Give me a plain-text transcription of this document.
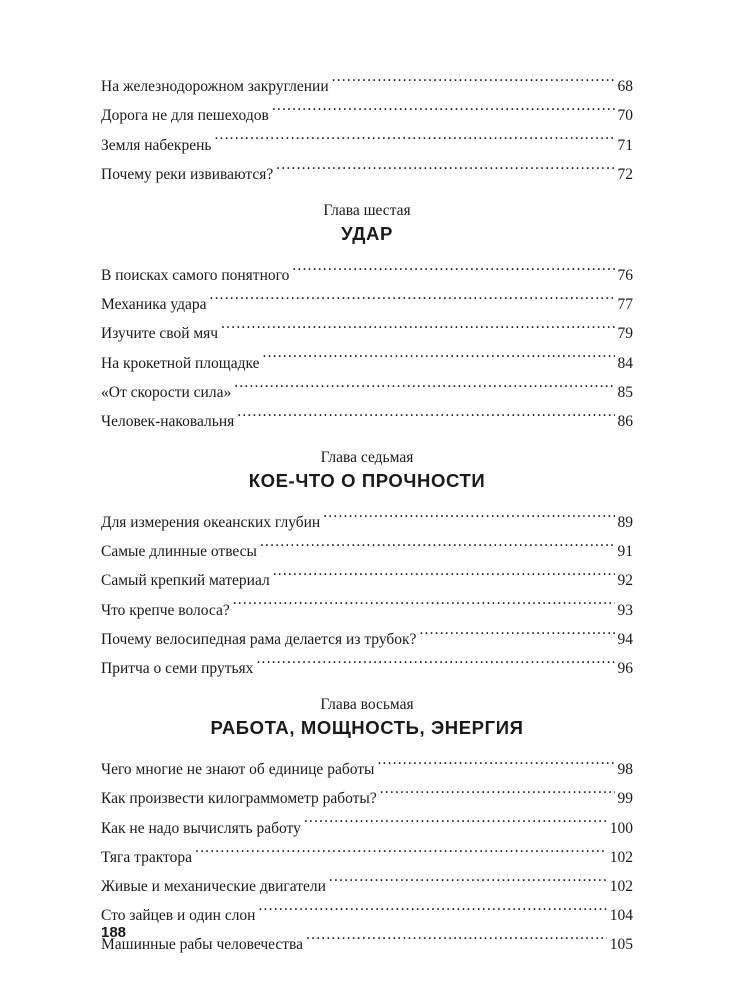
На железнодорожном закруглении .....	68
Дорога не для пешеходов .....	70
Земля набекрень .....	71
Почему реки извиваются? .....	72
Глава шестая
УДАР
В поисках самого понятного .....	76
Механика удара .....	77
Изучите свой мяч .....	79
На крокетной площадке .....	84
«От скорости сила» .....	85
Человек-наковальня .....	86
Глава седьмая
КОЕ-ЧТО О ПРОЧНОСТИ
Для измерения океанских глубин .....	89
Самые длинные отвесы .....	91
Самый крепкий материал .....	92
Что крепче волоса? .....	93
Почему велосипедная рама делается из трубок? .....	94
Притча о семи прутьях .....	96
Глава восьмая
РАБОТА, МОЩНОСТЬ, ЭНЕРГИЯ
Чего многие не знают об единице работы .....	98
Как произвести килограммометр работы? .....	99
Как не надо вычислять работу .....	100
Тяга трактора .....	102
Живые и механические двигатели .....	102
Сто зайцев и один слон .....	104
Машинные рабы человечества .....	105
188
